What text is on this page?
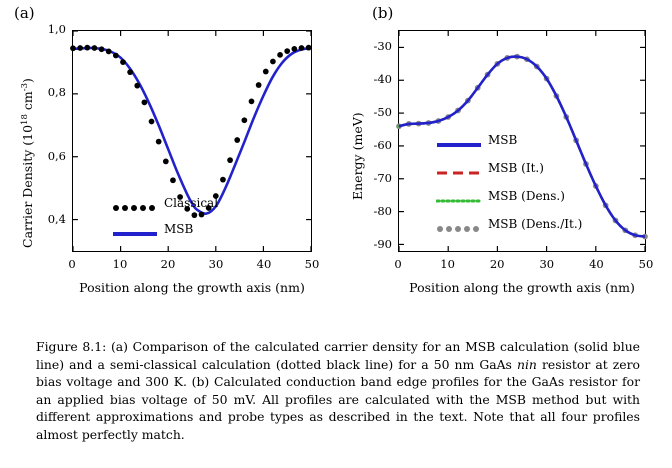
(a)
Carrier Density ($10^{18}$ $cm^{-3}$)
0,4
0,6
0,8
1,0
0	10	20	30	40	50
Position along the growth axis (nm)
Classical
MSB
(b)
Energy (meV)
-30
-40
-50
-60
-70
-80
-90
0	10	20	30	40	50
Position along the growth axis (nm)
MSB
MSB (It.)
MSB (Dens.)
MSB (Dens./It.)
Figure 8.1: (a) Comparison of the calculated carrier density for an MSB calculation (solid blue line) and a semi-classical calculation (dotted black line) for a 50 nm GaAs nin resistor at zero bias voltage and 300 K. (b) Calculated conduction band edge profiles for the GaAs resistor for an applied bias voltage of 50 mV. All profiles are calculated with the MSB method but with different approximations and probe types as described in the text. Note that all four profiles almost perfectly match.
